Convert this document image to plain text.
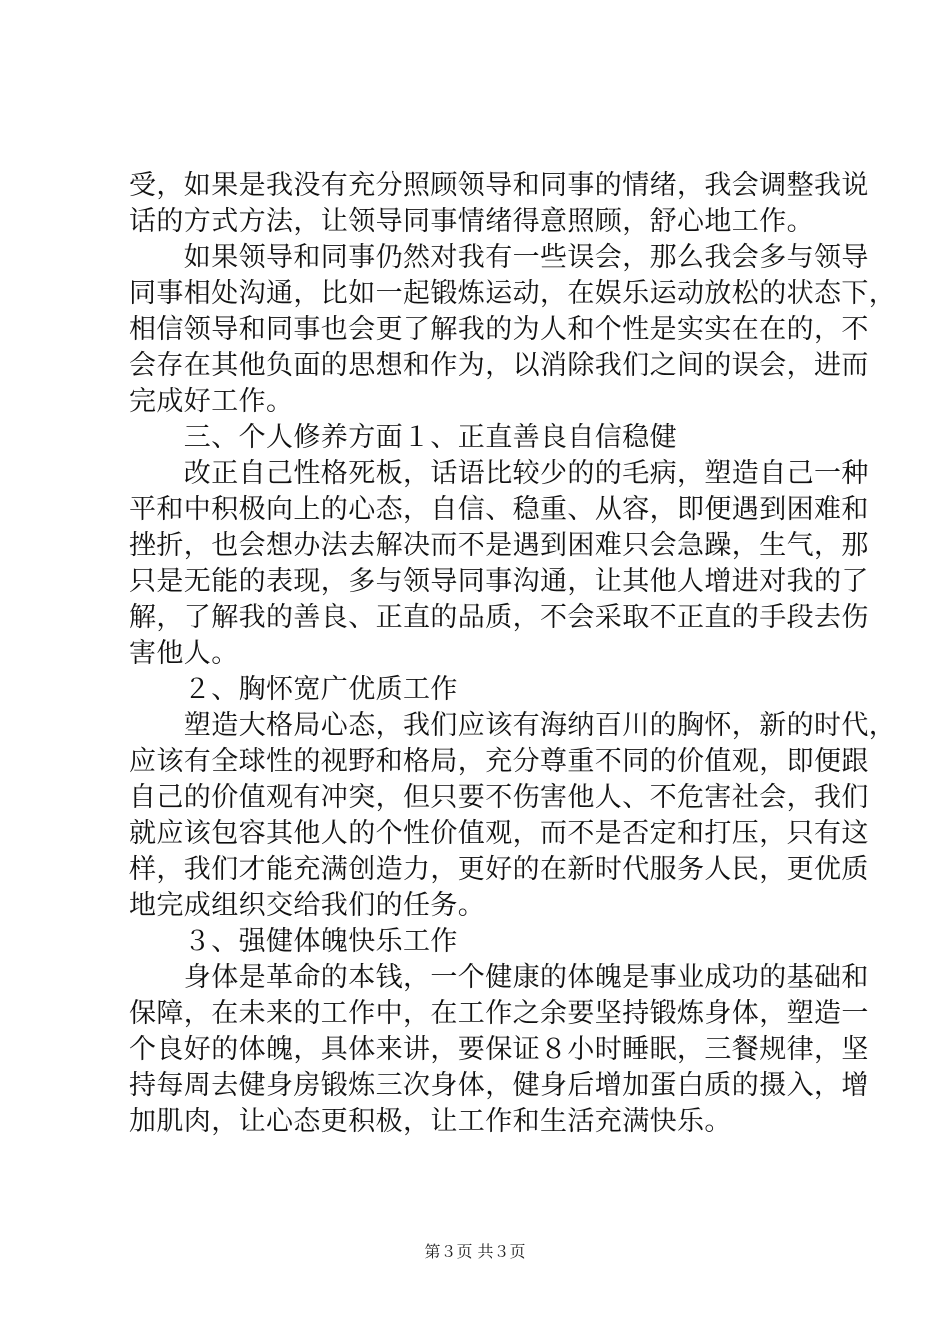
受，如果是我没有充分照顾领导和同事的情绪，我会调整我说
话的方式方法，让领导同事情绪得意照顾，舒心地工作。
　　如果领导和同事仍然对我有一些误会，那么我会多与领导
同事相处沟通，比如一起锻炼运动，在娱乐运动放松的状态下，
相信领导和同事也会更了解我的为人和个性是实实在在的，不
会存在其他负面的思想和作为，以消除我们之间的误会，进而
完成好工作。
　　三、个人修养方面１、正直善良自信稳健
　　改正自己性格死板，话语比较少的的毛病，塑造自己一种
平和中积极向上的心态，自信、稳重、从容，即便遇到困难和
挫折，也会想办法去解决而不是遇到困难只会急躁，生气，那
只是无能的表现，多与领导同事沟通，让其他人增进对我的了
解，了解我的善良、正直的品质，不会采取不正直的手段去伤
害他人。
　　２、胸怀宽广优质工作
　　塑造大格局心态，我们应该有海纳百川的胸怀，新的时代，
应该有全球性的视野和格局，充分尊重不同的价值观，即便跟
自己的价值观有冲突，但只要不伤害他人、不危害社会，我们
就应该包容其他人的个性价值观，而不是否定和打压，只有这
样，我们才能充满创造力，更好的在新时代服务人民，更优质
地完成组织交给我们的任务。
　　３、强健体魄快乐工作
　　身体是革命的本钱，一个健康的体魄是事业成功的基础和
保障，在未来的工作中，在工作之余要坚持锻炼身体，塑造一
个良好的体魄，具体来讲，要保证８小时睡眠，三餐规律，坚
持每周去健身房锻炼三次身体，健身后增加蛋白质的摄入，增
加肌肉，让心态更积极，让工作和生活充满快乐。
第３页 共３页
